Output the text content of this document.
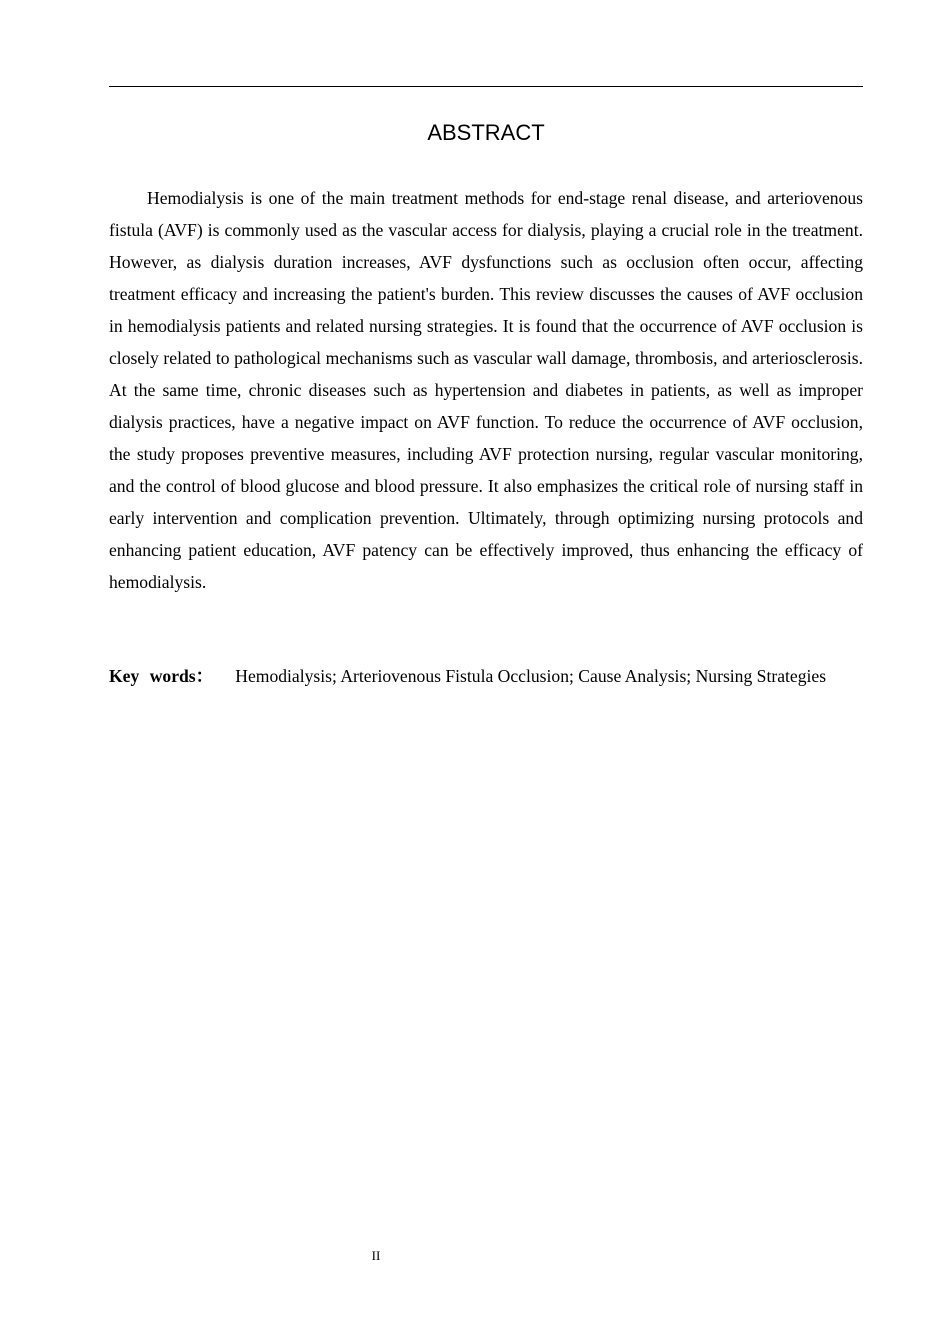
ABSTRACT

Hemodialysis is one of the main treatment methods for end-stage renal disease, and arteriovenous fistula (AVF) is commonly used as the vascular access for dialysis, playing a crucial role in the treatment. However, as dialysis duration increases, AVF dysfunctions such as occlusion often occur, affecting treatment efficacy and increasing the patient's burden. This review discusses the causes of AVF occlusion in hemodialysis patients and related nursing strategies. It is found that the occurrence of AVF occlusion is closely related to pathological mechanisms such as vascular wall damage, thrombosis, and arteriosclerosis. At the same time, chronic diseases such as hypertension and diabetes in patients, as well as improper dialysis practices, have a negative impact on AVF function. To reduce the occurrence of AVF occlusion, the study proposes preventive measures, including AVF protection nursing, regular vascular monitoring, and the control of blood glucose and blood pressure. It also emphasizes the critical role of nursing staff in early intervention and complication prevention. Ultimately, through optimizing nursing protocols and enhancing patient education, AVF patency can be effectively improved, thus enhancing the efficacy of hemodialysis.

Key words： Hemodialysis; Arteriovenous Fistula Occlusion; Cause Analysis; Nursing Strategies

II
